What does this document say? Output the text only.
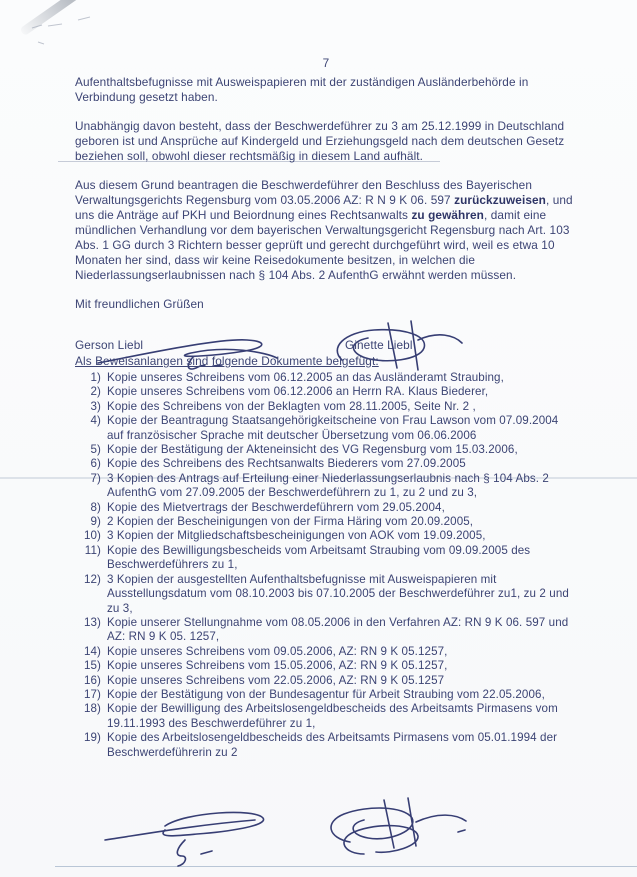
7

Aufenthaltsbefugnisse mit Ausweispapieren mit der zuständigen Ausländerbehörde in Verbindung gesetzt haben.

Unabhängig davon besteht, dass der Beschwerdeführer zu 3 am 25.12.1999 in Deutschland geboren ist und Ansprüche auf Kindergeld und Erziehungsgeld nach dem deutschen Gesetz beziehen soll, obwohl dieser rechtsmäßig in diesem Land aufhält.

Aus diesem Grund beantragen die Beschwerdeführer den Beschluss des Bayerischen Verwaltungsgerichts Regensburg vom 03.05.2006 AZ: R N 9 K 06. 597 zurückzuweisen, und uns die Anträge auf PKH und Beiordnung eines Rechtsanwalts zu gewähren, damit eine mündlichen Verhandlung vor dem bayerischen Verwaltungsgericht Regensburg nach Art. 103 Abs. 1 GG durch 3 Richtern besser geprüft und gerecht durchgeführt wird, weil es etwa 10 Monaten her sind, dass wir keine Reisedokumente besitzen, in welchen die Niederlassungserlaubnissen nach § 104 Abs. 2 AufenthG erwähnt werden müssen.

Mit freundlichen Grüßen

Gerson Liebl	Ginette Liebl
Als Beweisanlangen sind folgende Dokumente beigefügt:
1) Kopie unseres Schreibens vom 06.12.2005 an das Ausländeramt Straubing,
2) Kopie unseres Schreibens vom 06.12.2006 an Herrn RA. Klaus Biederer,
3) Kopie des Schreibens von der Beklagten vom 28.11.2005, Seite Nr. 2 ,
4) Kopie der Beantragung Staatsangehörigkeitscheine von Frau Lawson vom 07.09.2004 auf französischer Sprache mit deutscher Übersetzung vom 06.06.2006
5) Kopie der Bestätigung der Akteneinsicht des VG Regensburg vom 15.03.2006,
6) Kopie des Schreibens des Rechtsanwalts Biederers vom 27.09.2005
7) 3 Kopien des Antrags auf Erteilung einer Niederlassungserlaubnis nach § 104 Abs. 2 AufenthG vom 27.09.2005 der Beschwerdeführern zu 1, zu 2 und zu 3,
8) Kopie des Mietvertrags der Beschwerdeführern vom 29.05.2004,
9) 2 Kopien der Bescheinigungen von der Firma Häring vom 20.09.2005,
10) 3 Kopien der Mitgliedschaftsbescheinigungen von AOK vom 19.09.2005,
11) Kopie des Bewilligungsbescheids vom Arbeitsamt Straubing vom 09.09.2005 des Beschwerdeführers zu 1,
12) 3 Kopien der ausgestellten Aufenthaltsbefugnisse mit Ausweispapieren mit Ausstellungsdatum vom 08.10.2003 bis 07.10.2005 der Beschwerdeführer zu1, zu 2 und zu 3,
13) Kopie unserer Stellungnahme vom 08.05.2006 in den Verfahren AZ: RN 9 K 06. 597 und AZ: RN 9 K 05. 1257,
14) Kopie unseres Schreibens vom 09.05.2006, AZ: RN 9 K 05.1257,
15) Kopie unseres Schreibens vom 15.05.2006, AZ: RN 9 K 05.1257,
16) Kopie unseres Schreibens vom 22.05.2006, AZ: RN 9 K 05.1257
17) Kopie der Bestätigung von der Bundesagentur für Arbeit Straubing vom 22.05.2006,
18) Kopie der Bewilligung des Arbeitslosengeldbescheids des Arbeitsamts Pirmasens vom 19.11.1993 des Beschwerdeführer zu 1,
19) Kopie des Arbeitslosengeldbescheids des Arbeitsamts Pirmasens vom 05.01.1994 der Beschwerdeführerin zu 2
